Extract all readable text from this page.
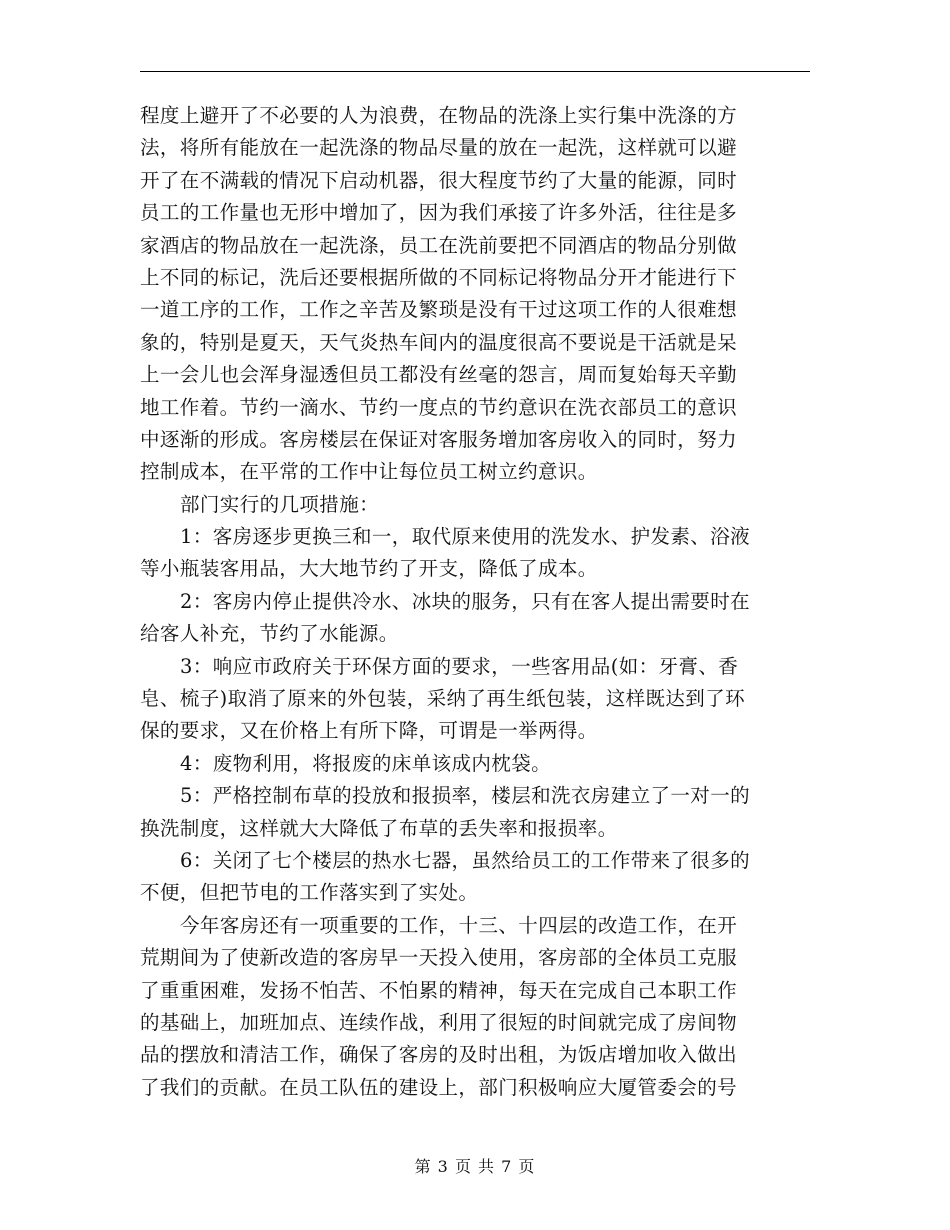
程度上避开了不必要的人为浪费，在物品的洗涤上实行集中洗涤的方
法，将所有能放在一起洗涤的物品尽量的放在一起洗，这样就可以避
开了在不满载的情况下启动机器，很大程度节约了大量的能源，同时
员工的工作量也无形中增加了，因为我们承接了许多外活，往往是多
家酒店的物品放在一起洗涤，员工在洗前要把不同酒店的物品分别做
上不同的标记，洗后还要根据所做的不同标记将物品分开才能进行下
一道工序的工作，工作之辛苦及繁琐是没有干过这项工作的人很难想
象的，特别是夏天，天气炎热车间内的温度很高不要说是干活就是呆
上一会儿也会浑身湿透但员工都没有丝毫的怨言，周而复始每天辛勤
地工作着。节约一滴水、节约一度点的节约意识在洗衣部员工的意识
中逐渐的形成。客房楼层在保证对客服务增加客房收入的同时，努力
控制成本，在平常的工作中让每位员工树立约意识。
部门实行的几项措施：
1：客房逐步更换三和一，取代原来使用的洗发水、护发素、浴液
等小瓶装客用品，大大地节约了开支，降低了成本。
2：客房内停止提供冷水、冰块的服务，只有在客人提出需要时在
给客人补充，节约了水能源。
3：响应市政府关于环保方面的要求，一些客用品(如：牙膏、香
皂、梳子)取消了原来的外包装，采纳了再生纸包装，这样既达到了环
保的要求，又在价格上有所下降，可谓是一举两得。
4：废物利用，将报废的床单该成内枕袋。
5：严格控制布草的投放和报损率，楼层和洗衣房建立了一对一的
换洗制度，这样就大大降低了布草的丢失率和报损率。
6：关闭了七个楼层的热水七器，虽然给员工的工作带来了很多的
不便，但把节电的工作落实到了实处。
今年客房还有一项重要的工作，十三、十四层的改造工作，在开
荒期间为了使新改造的客房早一天投入使用，客房部的全体员工克服
了重重困难，发扬不怕苦、不怕累的精神，每天在完成自己本职工作
的基础上，加班加点、连续作战，利用了很短的时间就完成了房间物
品的摆放和清洁工作，确保了客房的及时出租，为饭店增加收入做出
了我们的贡献。在员工队伍的建设上，部门积极响应大厦管委会的号
第 3 页 共 7 页
